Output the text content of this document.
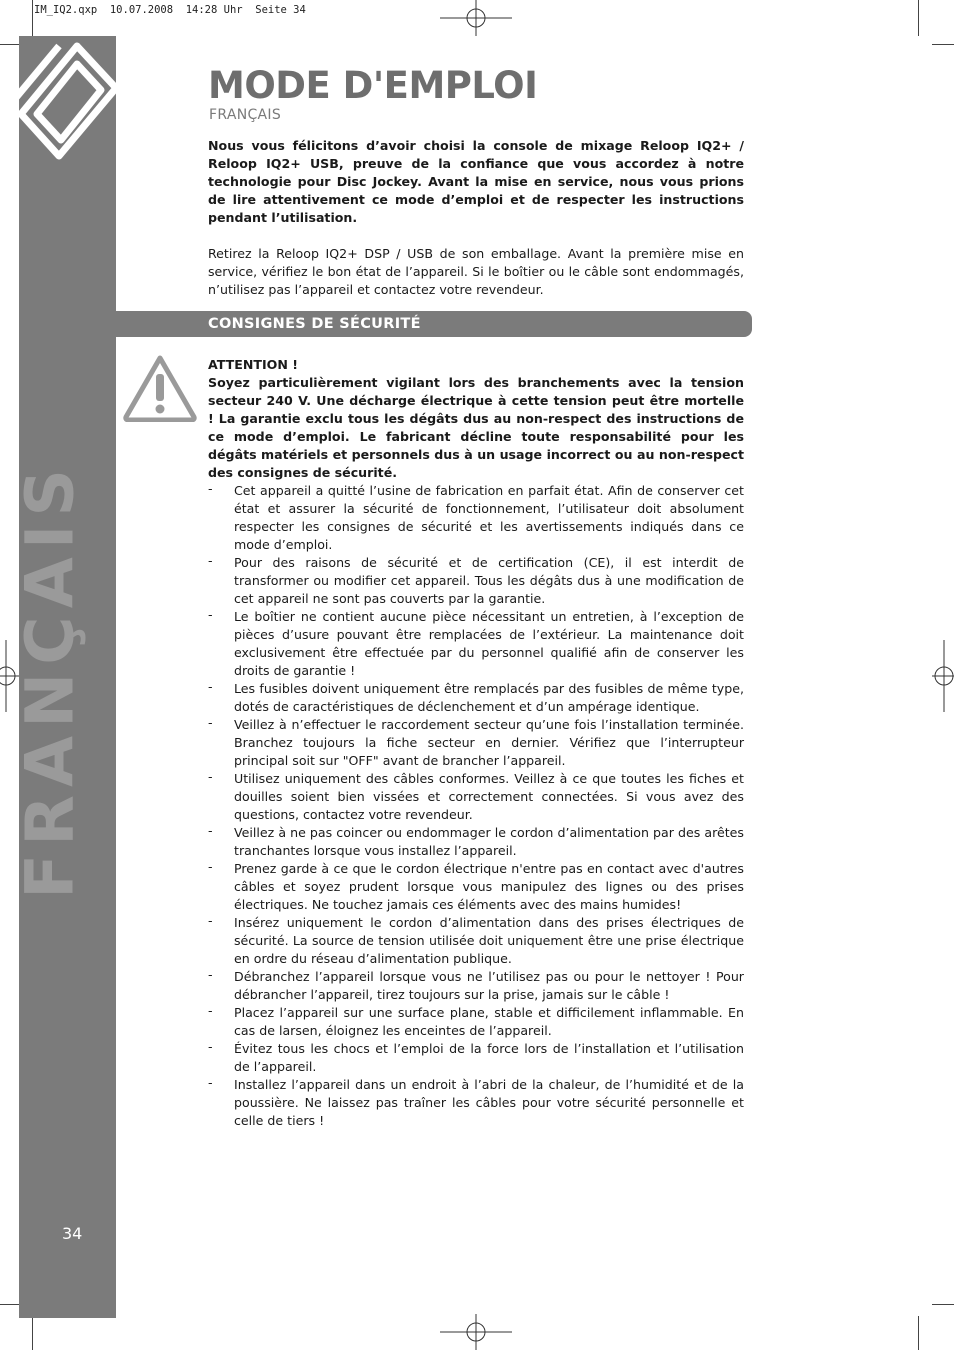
IM_IQ2.qxp  10.07.2008  14:28 Uhr  Seite 34
FRANÇAIS
34
MODE D'EMPLOI
FRANÇAIS
Nous vous félicitons d’avoir choisi la console de mixage Reloop IQ2+ / Reloop IQ2+ USB, preuve de la confiance que vous accordez à notre technologie pour Disc Jockey. Avant la mise en service, nous vous prions de lire attentivement ce mode d’emploi et de respecter les instructions pendant l’utilisation.
Retirez la Reloop IQ2+ DSP / USB de son emballage. Avant la première mise en service, vérifiez le bon état de l’appareil. Si le boîtier ou le câble sont endommagés, n’utilisez pas l’appareil et contactez votre revendeur.
CONSIGNES DE SÉCURITÉ

ATTENTION !

Soyez particulièrement vigilant lors des branchements avec la tension secteur 240 V. Une décharge électrique à cette tension peut être mortelle ! La garantie exclu tous les dégâts dus au non-respect des instructions de ce mode d’emploi. Le fabricant décline toute responsabilité pour les dégâts matériels et personnels dus à un usage incorrect ou au non-respect des consignes de sécurité.

- Cet appareil a quitté l’usine de fabrication en parfait état. Afin de conserver cet état et assurer la sécurité de fonctionnement, l’utilisateur doit absolument respecter les consignes de sécurité et les avertissements indiqués dans ce mode d’emploi.
- Pour des raisons de sécurité et de certification (CE), il est interdit de transformer ou modifier cet appareil. Tous les dégâts dus à une modification de cet appareil ne sont pas couverts par la garantie.
- Le boîtier ne contient aucune pièce nécessitant un entretien, à l’exception de pièces d’usure pouvant être remplacées de l’extérieur. La maintenance doit exclusivement être effectuée par du personnel qualifié afin de conserver les droits de garantie !
- Les fusibles doivent uniquement être remplacés par des fusibles de même type, dotés de caractéristiques de déclenchement et d’un ampérage identique.
- Veillez à n’effectuer le raccordement secteur qu’une fois l’installation terminée. Branchez toujours la fiche secteur en dernier. Vérifiez que l’interrupteur principal soit sur "OFF" avant de brancher l’appareil.
- Utilisez uniquement des câbles conformes. Veillez à ce que toutes les fiches et douilles soient bien vissées et correctement connectées. Si vous avez des questions, contactez votre revendeur.
- Veillez à ne pas coincer ou endommager le cordon d’alimentation par des arêtes tranchantes lorsque vous installez l’appareil.
- Prenez garde à ce que le cordon électrique n'entre pas en contact avec d'autres câbles et soyez prudent lorsque vous manipulez des lignes ou des prises électriques. Ne touchez jamais ces éléments avec des mains humides!
- Insérez uniquement le cordon d’alimentation dans des prises électriques de sécurité. La source de tension utilisée doit uniquement être une prise électrique en ordre du réseau d’alimentation publique.
- Débranchez l’appareil lorsque vous ne l’utilisez pas ou pour le nettoyer ! Pour débrancher l’appareil, tirez toujours sur la prise, jamais sur le câble !
- Placez l’appareil sur une surface plane, stable et difficilement inflammable. En cas de larsen, éloignez les enceintes de l’appareil.
- Évitez tous les chocs et l’emploi de la force lors de l’installation et l’utilisation de l’appareil.
- Installez l’appareil dans un endroit à l’abri de la chaleur, de l’humidité et de la poussière. Ne laissez pas traîner les câbles pour votre sécurité personnelle et celle de tiers !
